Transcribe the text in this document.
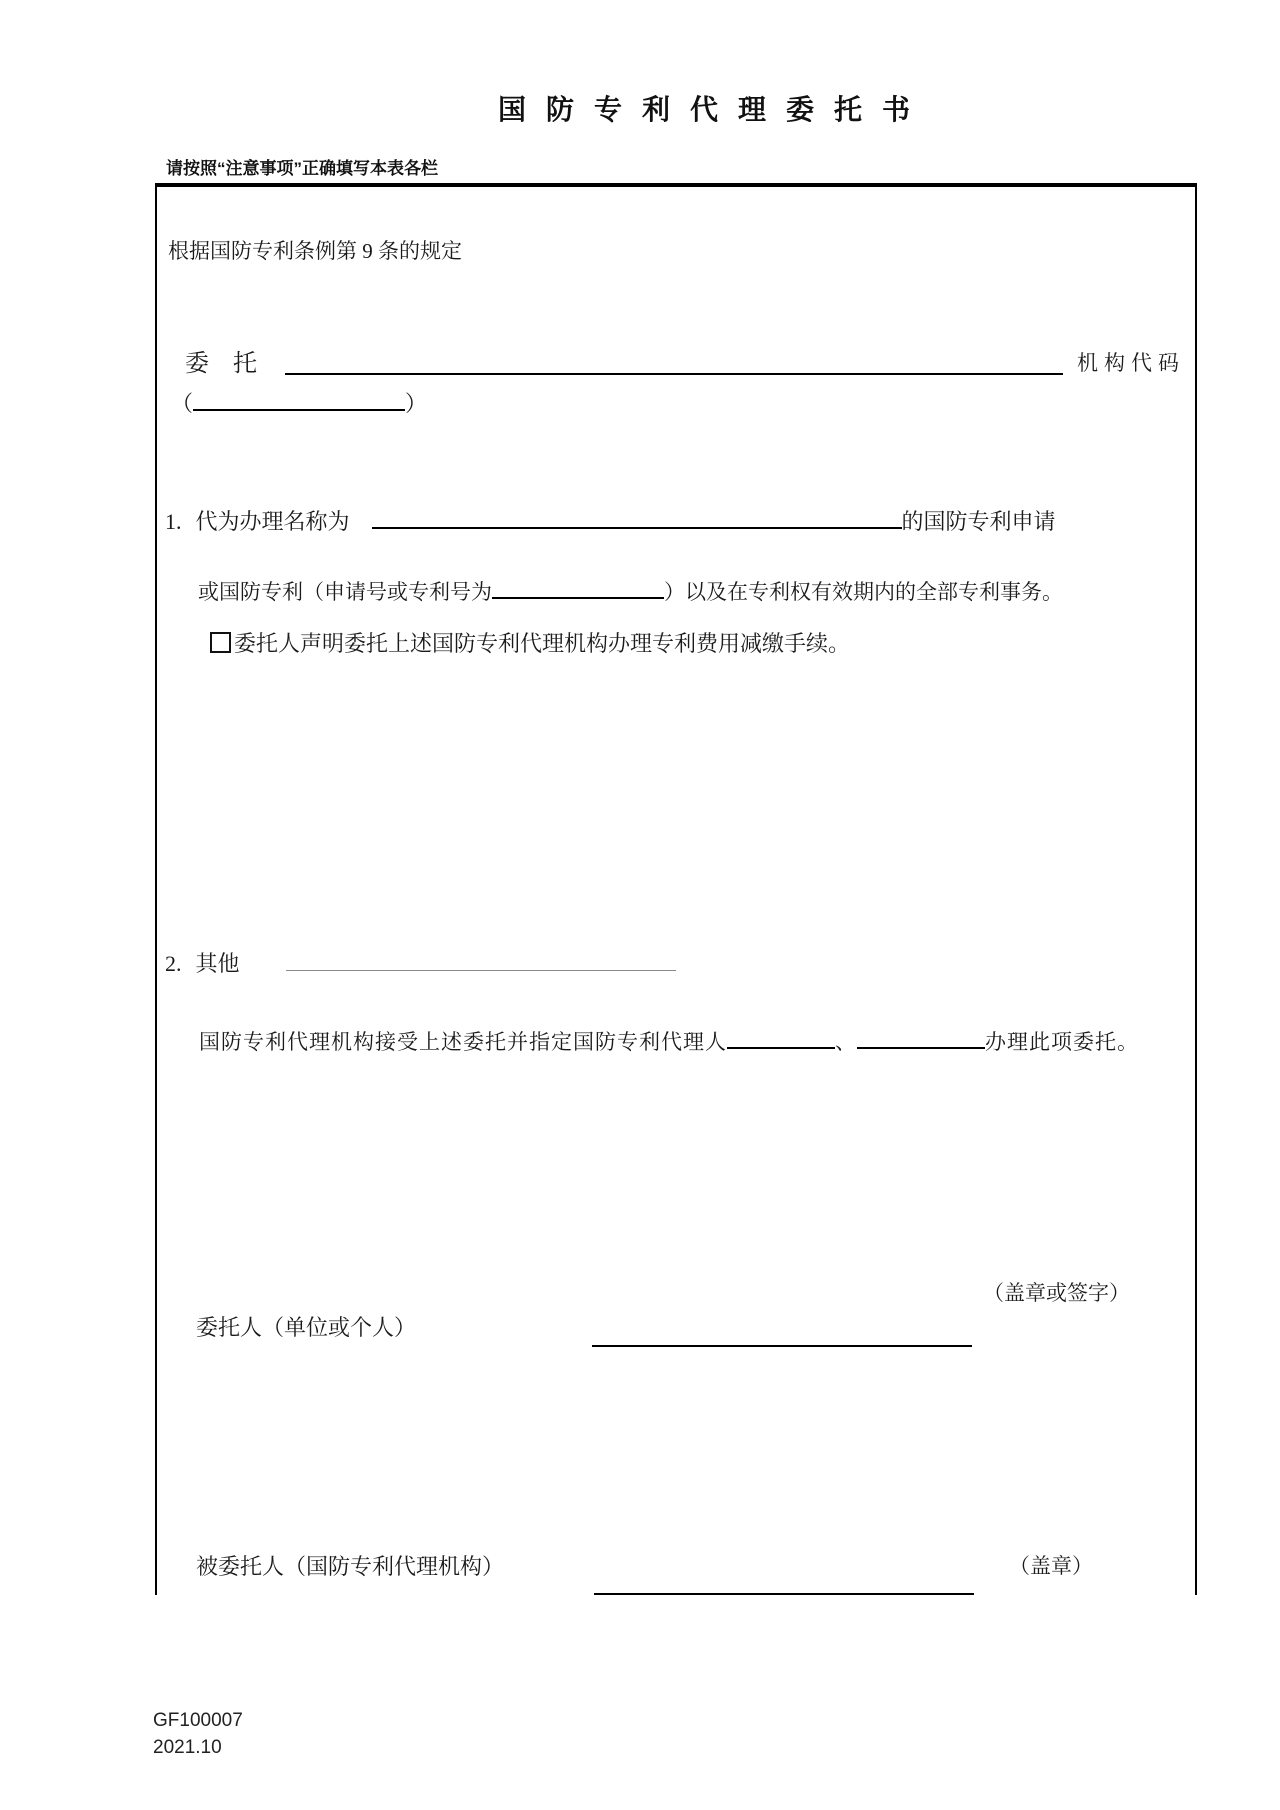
国防专利代理委托书
请按照“注意事项”正确填写本表各栏
根据国防专利条例第 9 条的规定
委　托	机构代码
（	）
1. 代为办理名称为	的国防专利申请
或国防专利（申请号或专利号为	）以及在专利权有效期内的全部专利事务。
委托人声明委托上述国防专利代理机构办理专利费用减缴手续。
2. 其他
国防专利代理机构接受上述委托并指定国防专利代理人	、	办理此项委托。
（盖章或签字）
委托人（单位或个人）
被委托人（国防专利代理机构）	（盖章）
GF100007
2021.10
